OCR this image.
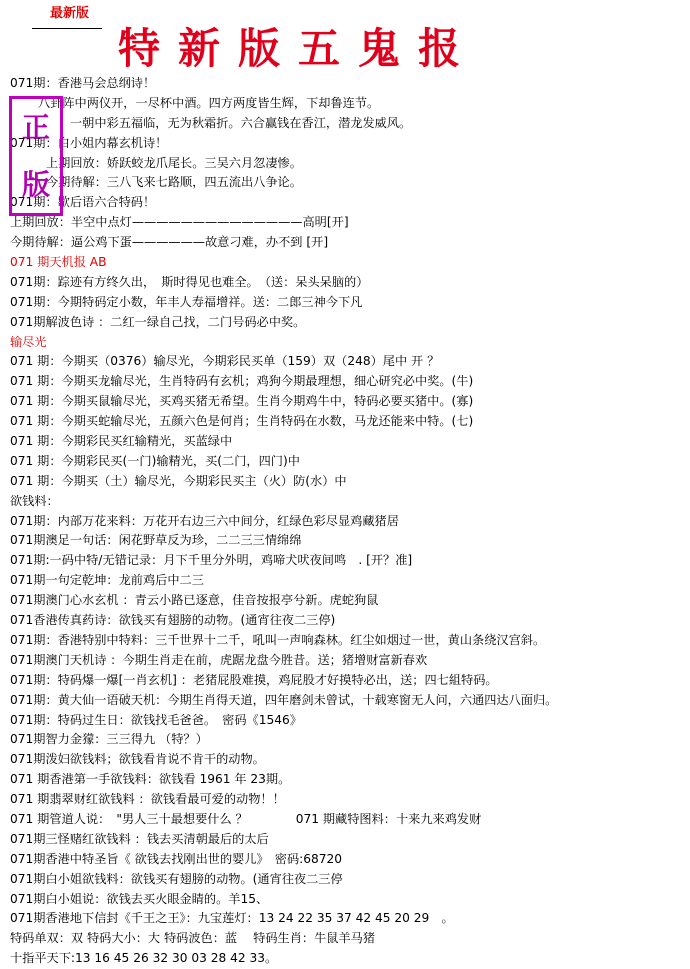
最新版
特新版五鬼报
071期：香港马会总纲诗！
八卦阵中两仪开，一尽杯中酒。四方两度皆生辉，下却鲁连节。
一朝中彩五福临，无为秋霜折。六合赢钱在香江，潜龙发威风。
071期：白小姐内幕玄机诗！
上期回放：娇跃蛟龙爪尾长。三吴六月忽凄惨。
今期待解：三八飞来七路顺，四五流出八争论。
071期：歇后语六合特码！
上期回放：半空中点灯——————————————高明[开]
今期待解：逼公鸡下蛋——————故意刁难，办不到 [开]
071 期天机报 AB
071期：踪迹有方终久出，　斯时得见也难全。　（送：呆头呆脑的）
071期：今期特码定小数，年丰人寿福增祥。送：二郎三神今下凡
071期解波色诗 ：二红一绿自己找，二门号码必中奖。
输尽光
071 期：今期买（0376）输尽光，今期彩民买单（159）双（248）尾中 开 ？
071 期：今期买龙输尽光，生肖特码有玄机；鸡狗今期最理想，细心研究必中奖。(牛)
071 期：今期买鼠输尽光，买鸡买猪无希望。生肖今期鸡牛中，特码必要买猪中。(寡)
071 期：今期买蛇输尽光，五颜六色是何肖；生肖特码在水数，马龙还能来中特。(七)
071 期：今期彩民买红输精光，买蓝绿中
071 期：今期彩民买(一门)输精光，买(二门，四门)中
071 期：今期买（土）输尽光，今期彩民买主（火）防(水）中
欲钱料：
071期：内部万花来料：万花开右边三六中间分，红绿色彩尽显鸡藏猪居
071期澳足一句话：闲花野草反为珍，二二三三情绵绵
071期:一码中特/无错记录：月下千里分外明，鸡啼犬吠夜间鸣　. [开？准]
071期一句定乾坤：龙前鸡后中二三
071期澳门心水玄机 ：青云小路已逐意，佳音按报亭兮新。虎蛇狗鼠
071香港传真药诗：欲钱买有翅膀的动物。(通宵往夜二三停)
071期：香港特别中特料：三千世界十二千，吼叫一声响森林。红尘如烟过一世，黄山条绕汉宫斜。
071期澳门天机诗 ：今期生肖走在前，虎踞龙盘今胜昔。送；猪增财富新春欢
071期：特码爆一爆[一肖玄机] ：老猪屁股难摸，鸡屁股才好摸特必出，送；四七組特码。
071期：黄大仙一语破天机：今期生肖得天道，四年磨剑未曾试，十载寒窗无人问，六通四达八面归。
071期：特码过生日：欲钱找毛爸爸。　密码《1546》
071期智力金獴：三三得九 （特？）
071期泼妇欲钱料；欲钱看肯说不肯干的动物。
071 期香港第一手欲钱料：欲钱看 1961 年 23期。
071 期翡翠财红欲钱料 ：欲钱看最可爱的动物！！
071 期管道人说：　"男人三十最想要什么 ？	071 期藏特图料：十来九来鸡发财
071期三怪赌红欲钱料 ：钱去买清朝最后的太后
071期香港中特圣旨《 欲钱去找刚出世的婴儿》　密码:68720
071期白小姐欲钱料：欲钱买有翅膀的动物。(通宵往夜二三停
071期白小姐说：欲钱去买火眼金睛的。羊15、
071期香港地下信封《千王之王》：九宝莲灯：13 24 22 35 37 42 45 20 29　。
特码单双：双 特码大小：大 特码波色：蓝　 特码生肖：牛鼠羊马猪
十指平天下:13 16 45 26 32 30 03 28 42 33。
正
版
